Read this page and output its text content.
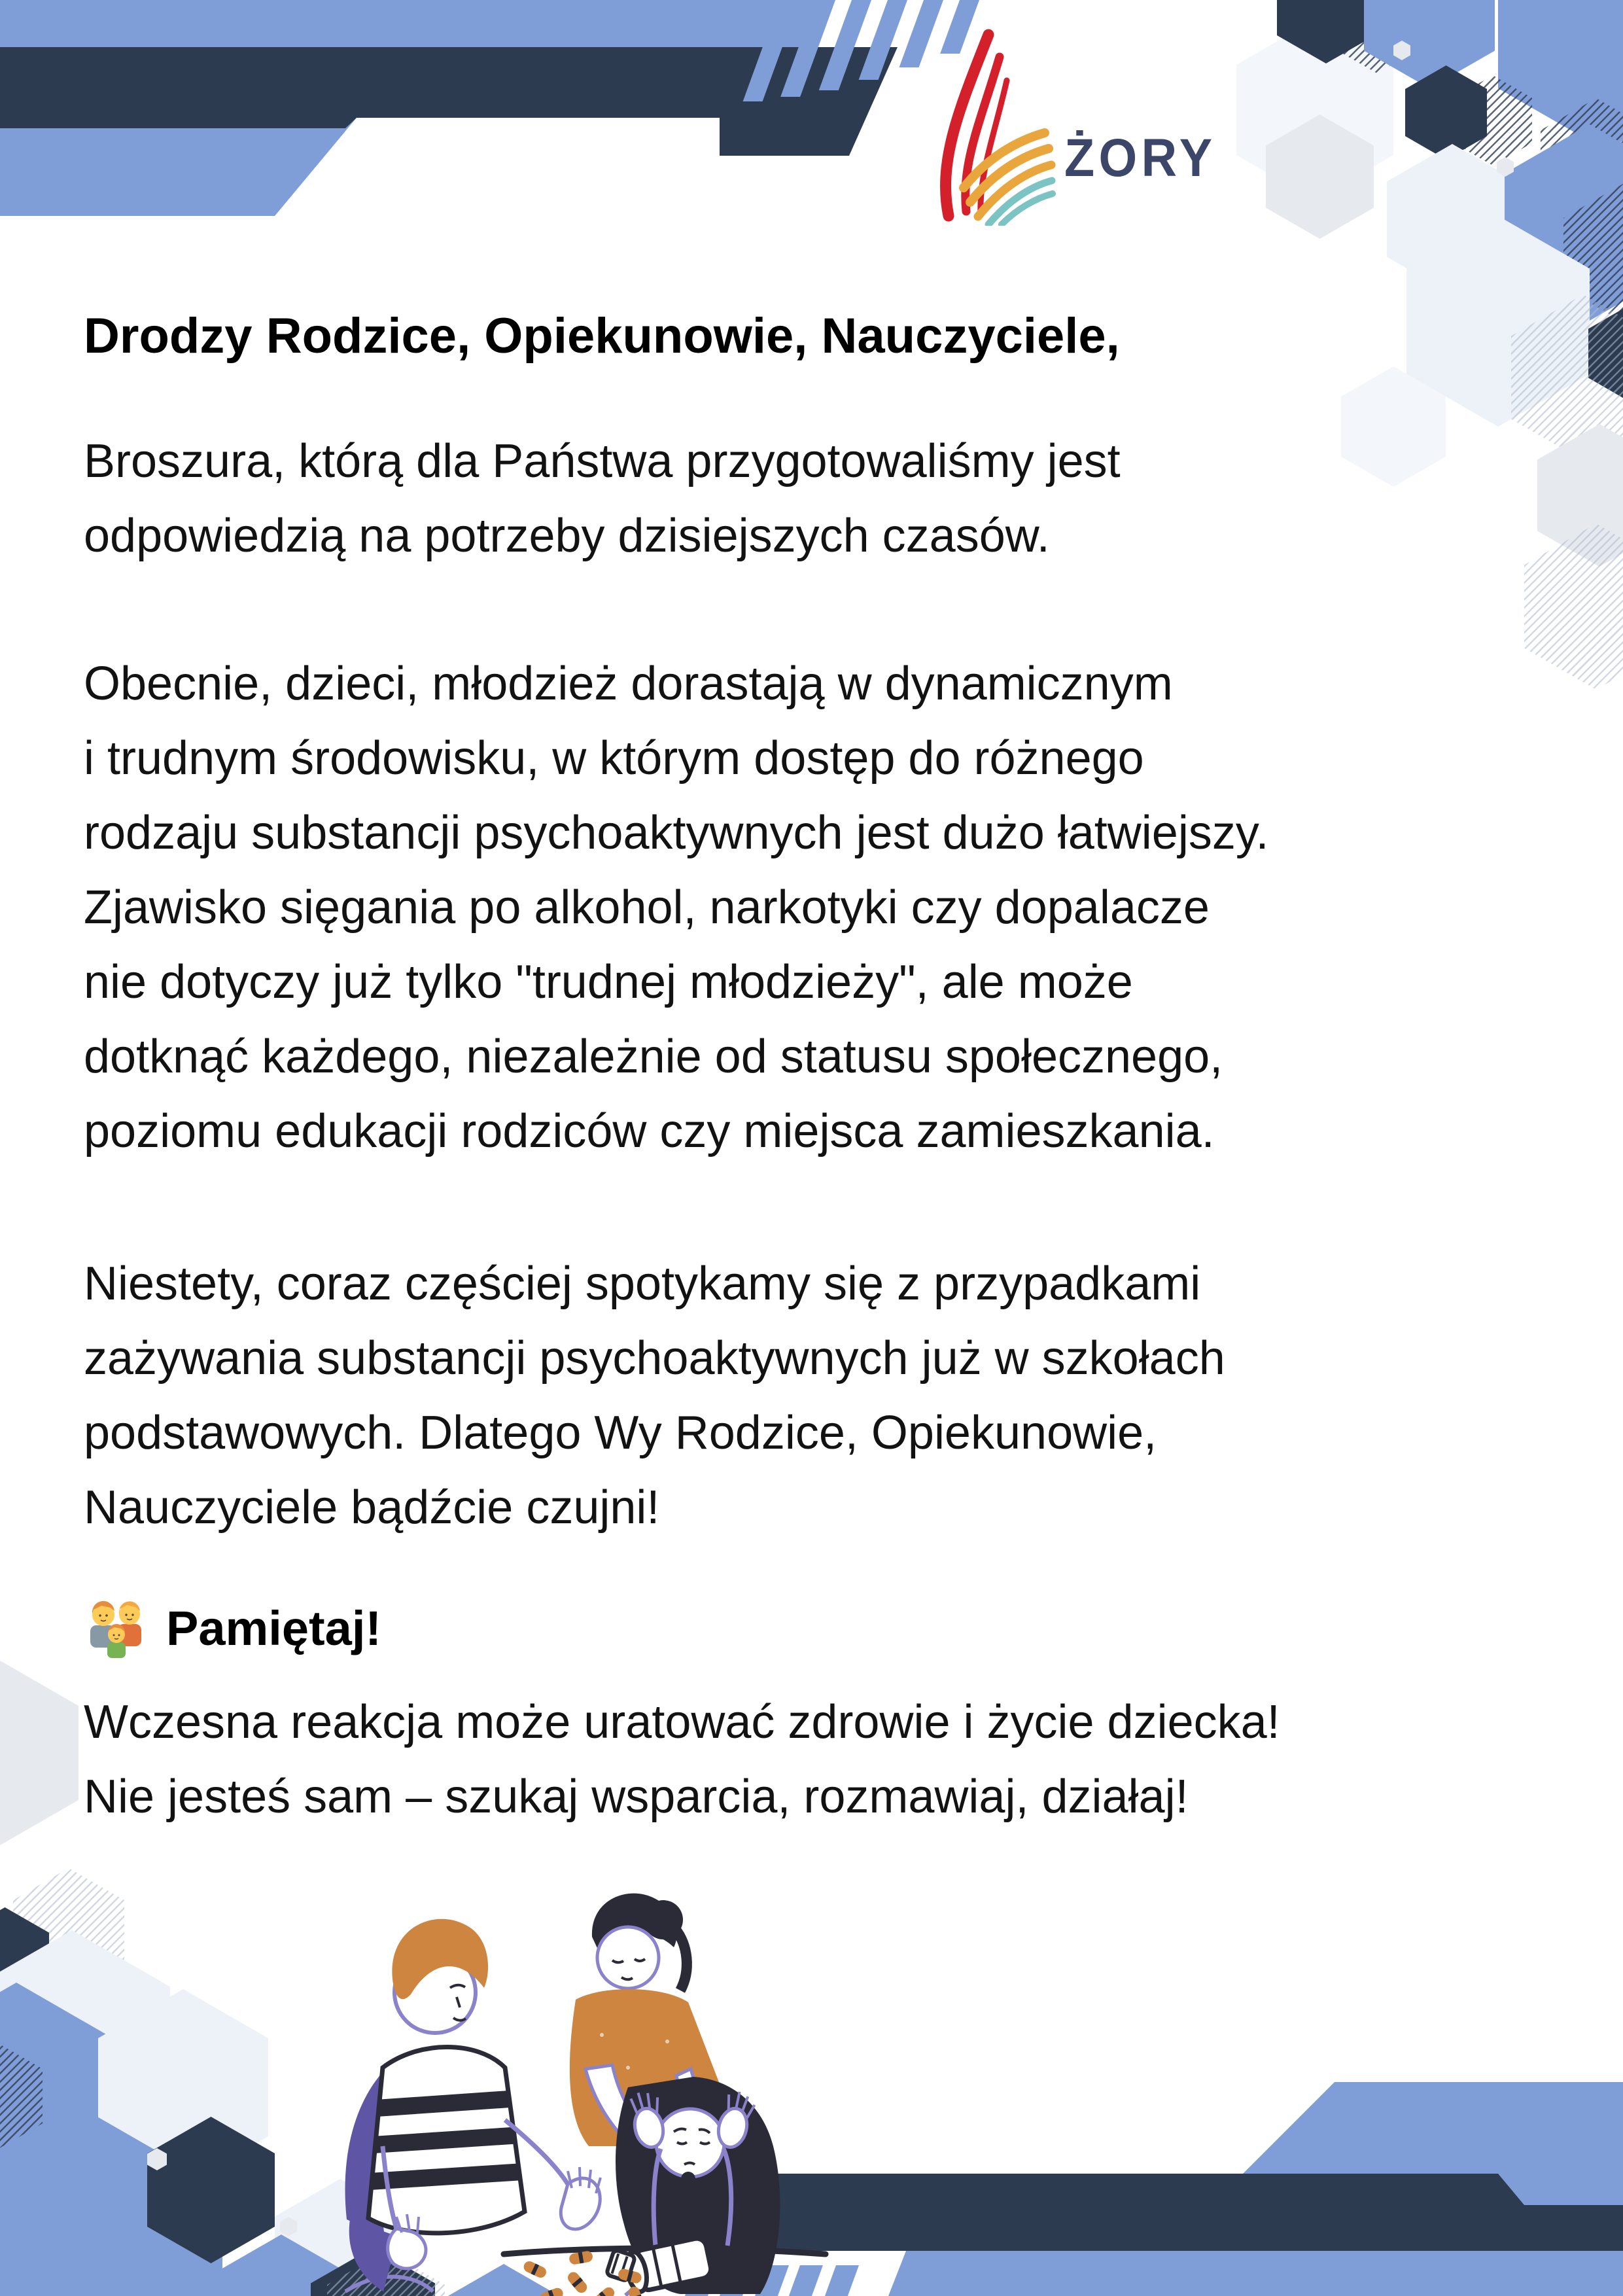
ŻORY
Drodzy Rodzice, Opiekunowie, Nauczyciele,
Broszura, którą dla Państwa przygotowaliśmy jest
odpowiedzią na potrzeby dzisiejszych czasów.
Obecnie, dzieci, młodzież dorastają w dynamicznym
i trudnym środowisku, w którym dostęp do różnego
rodzaju substancji psychoaktywnych jest dużo łatwiejszy.
Zjawisko sięgania po alkohol, narkotyki czy dopalacze
nie dotyczy już tylko "trudnej młodzieży", ale może
dotknąć każdego, niezależnie od statusu społecznego,
poziomu edukacji rodziców czy miejsca zamieszkania.
Niestety, coraz częściej spotykamy się z przypadkami
zażywania substancji psychoaktywnych już w szkołach
podstawowych. Dlatego Wy Rodzice, Opiekunowie,
Nauczyciele bądźcie czujni!
Pamiętaj!
Wczesna reakcja może uratować zdrowie i życie dziecka!
Nie jesteś sam – szukaj wsparcia, rozmawiaj, działaj!
